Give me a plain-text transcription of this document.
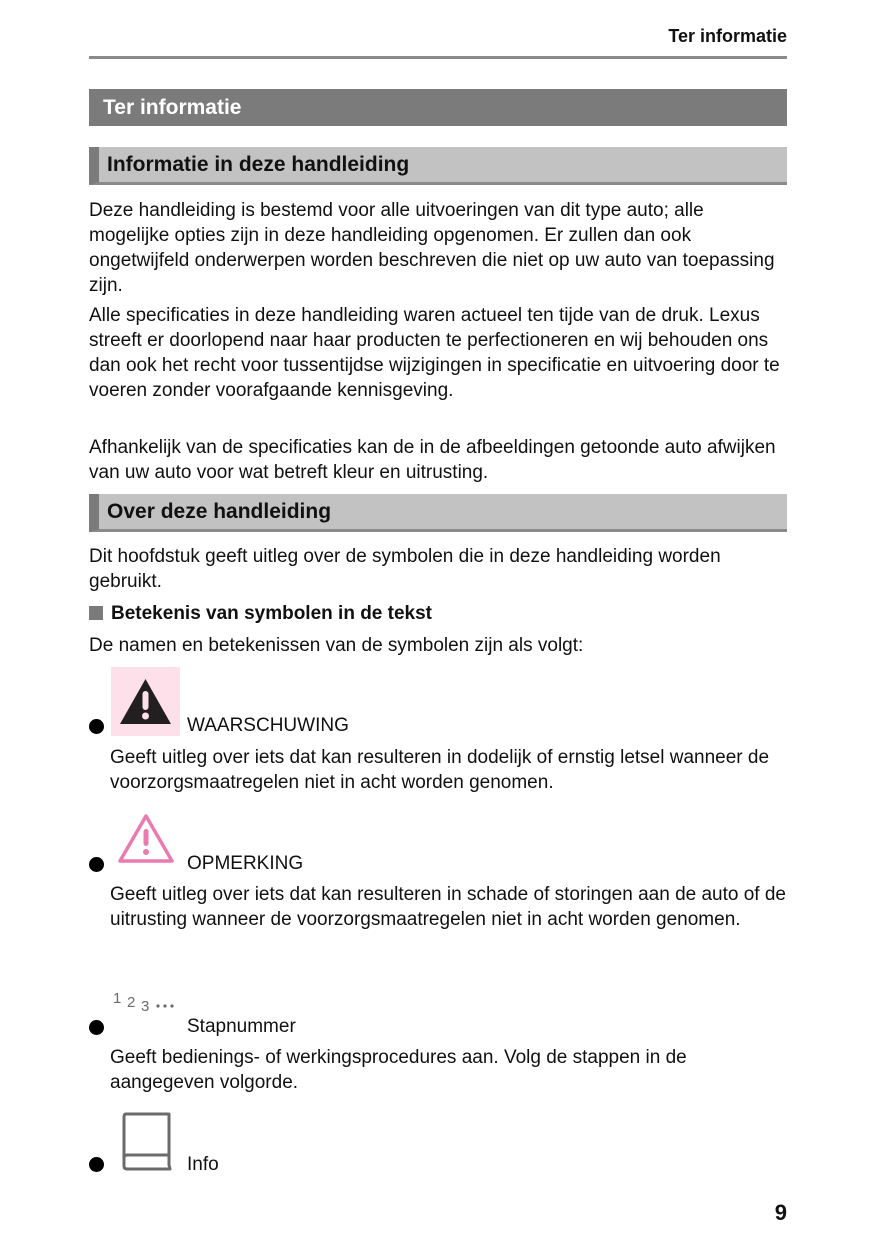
Ter informatie
Ter informatie
Informatie in deze handleiding

Deze handleiding is bestemd voor alle uitvoeringen van dit type auto; alle mogelijke opties zijn in deze handleiding opgenomen. Er zullen dan ook ongetwijfeld onderwerpen worden beschreven die niet op uw auto van toepassing zijn.

Alle specificaties in deze handleiding waren actueel ten tijde van de druk. Lexus streeft er doorlopend naar haar producten te perfectioneren en wij behouden ons dan ook het recht voor tussentijdse wijzigingen in specificatie en uitvoering door te voeren zonder voorafgaande kennisgeving.

Afhankelijk van de specificaties kan de in de afbeeldingen getoonde auto afwijken van uw auto voor wat betreft kleur en uitrusting.

Over deze handleiding

Dit hoofdstuk geeft uitleg over de symbolen die in deze handleiding worden gebruikt.

Betekenis van symbolen in de tekst

De namen en betekenissen van de symbolen zijn als volgt:

WAARSCHUWING

Geeft uitleg over iets dat kan resulteren in dodelijk of ernstig letsel wanneer de voorzorgsmaatregelen niet in acht worden genomen.

OPMERKING

Geeft uitleg over iets dat kan resulteren in schade of storingen aan de auto of de uitrusting wanneer de voorzorgsmaatregelen niet in acht worden genomen.

1 2 3
Stapnummer

Geeft bedienings- of werkingsprocedures aan. Volg de stappen in de aangegeven volgorde.

Info
9
